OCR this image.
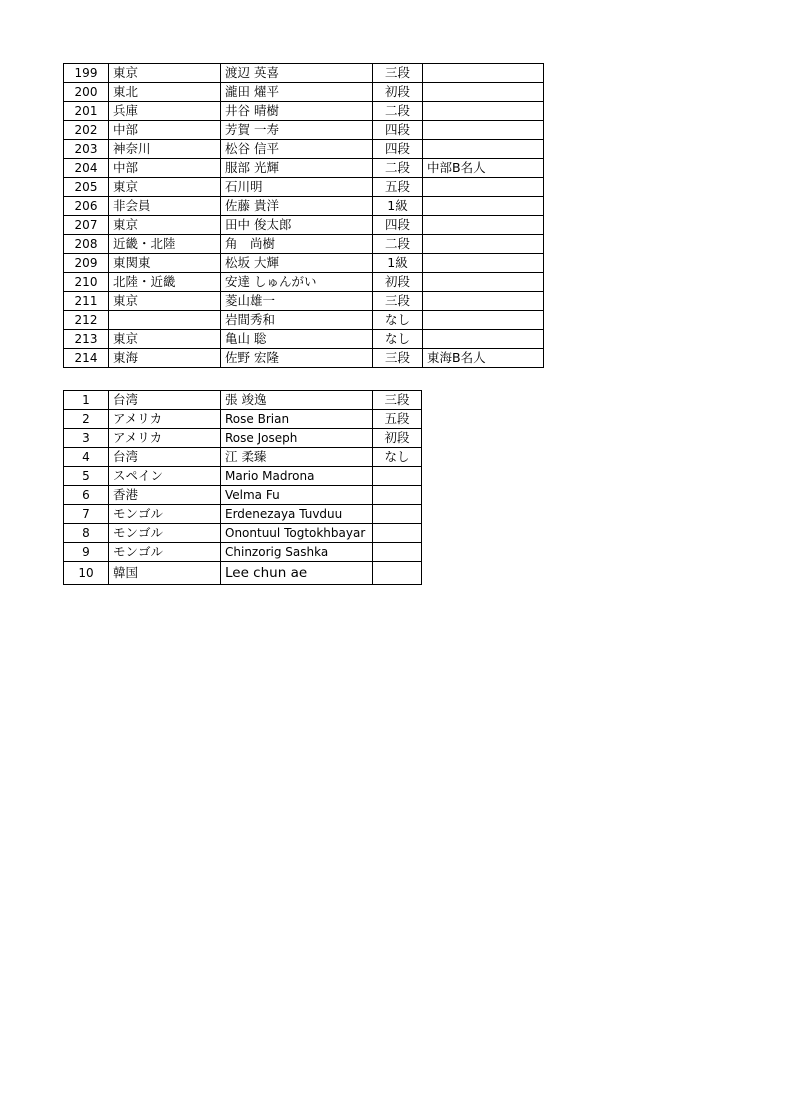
199	東京	渡辺 英喜	三段	
200	東北	瀧田 燿平	初段	
201	兵庫	井谷 晴樹	二段	
202	中部	芳賀 一寿	四段	
203	神奈川	松谷 信平	四段	
204	中部	服部 光輝	二段	中部B名人
205	東京	石川明	五段	
206	非会員	佐藤 貴洋	1級	
207	東京	田中 俊太郎	四段	
208	近畿・北陸	角　尚樹	二段	
209	東関東	松坂 大輝	1級	
210	北陸・近畿	安達 しゅんがい	初段	
211	東京	菱山雄一	三段	
212		岩間秀和	なし	
213	東京	亀山 聡	なし	
214	東海	佐野 宏隆	三段	東海B名人
1	台湾	張 竣逸	三段
2	アメリカ	Rose Brian	五段
3	アメリカ	Rose Joseph	初段
4	台湾	江 柔臻	なし
5	スペイン	Mario Madrona	
6	香港	Velma Fu	
7	モンゴル	Erdenezaya Tuvduu	
8	モンゴル	Onontuul Togtokhbayar	
9	モンゴル	Chinzorig Sashka	
10	韓国	Lee chun ae	
